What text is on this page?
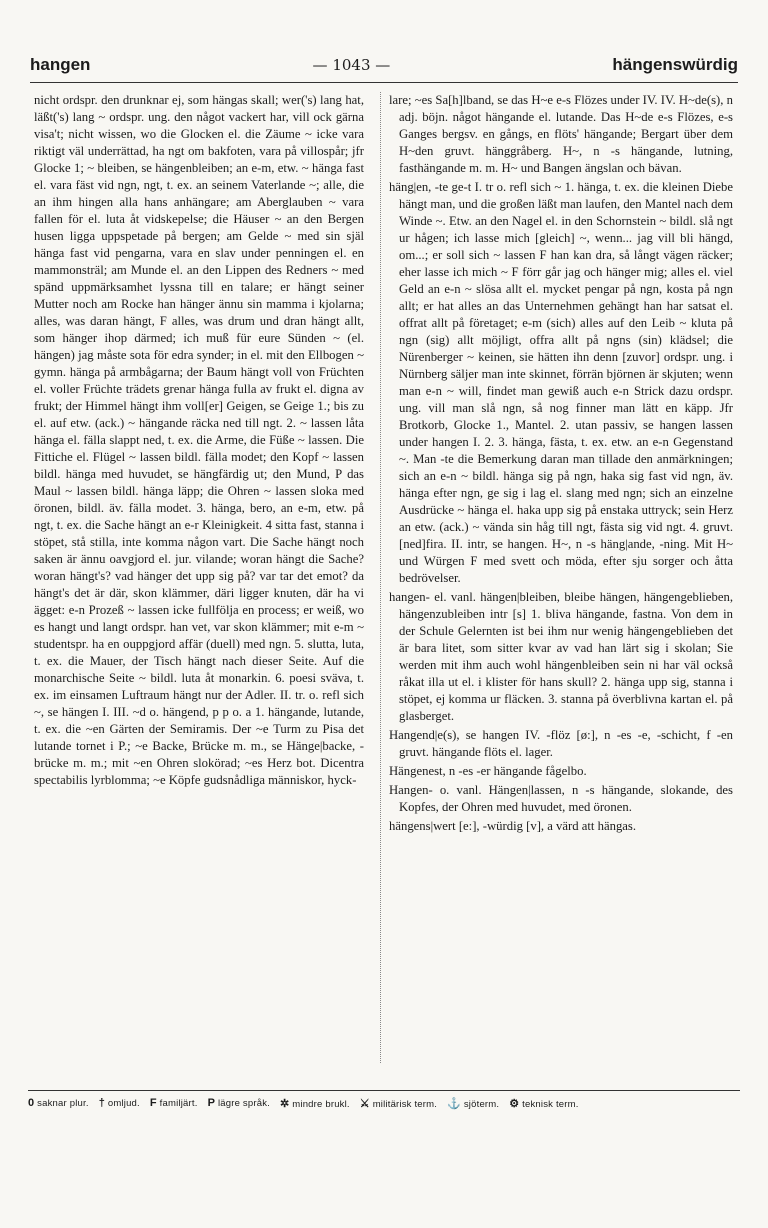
hangen	— 1043 —	hängenswürdig

nicht ordspr. den drunknar ej, som hängas skall; wer('s) lang hat, läßt('s) lang ~ ordspr. ung. den något vackert har, vill ock gärna visa't; nicht wissen, wo die Glocken el. die Zäume ~ icke vara riktigt väl underrättad, ha ngt om bakfoten, vara på villospår; jfr Glocke 1; ~ bleiben, se hängenbleiben; an e-m, etw. ~ hänga fast el. vara fäst vid ngn, ngt, t. ex. an seinem Vaterlande ~; alle, die an ihm hingen alla hans anhängare; am Aberglauben ~ vara fallen för el. luta åt vidskepelse; die Häuser ~ an den Bergen husen ligga uppspetade på bergen; am Gelde ~ med sin själ hänga fast vid pengarna, vara en slav under penningen el. en mammonsträl; am Munde el. an den Lippen des Redners ~ med spänd uppmärksamhet lyssna till en talare; er hängt seiner Mutter noch am Rocke han hänger ännu sin mamma i kjolarna; alles, was daran hängt, F alles, was drum und dran hängt allt, som hänger ihop därmed; ich muß für eure Sünden ~ (el. hängen) jag måste sota för edra synder; in el. mit den Ellbogen ~ gymn. hänga på armbågarna; der Baum hängt voll von Früchten el. voller Früchte trädets grenar hänga fulla av frukt el. digna av frukt; der Himmel hängt ihm voll[er] Geigen, se Geige 1.; bis zu el. auf etw. (ack.) ~ hängande räcka ned till ngt. 2. ~ lassen låta hänga el. fälla slappt ned, t. ex. die Arme, die Füße ~ lassen. Die Fittiche el. Flügel ~ lassen bildl. fälla modet; den Kopf ~ lassen bildl. hänga med huvudet, se hängfärdig ut; den Mund, P das Maul ~ lassen bildl. hänga läpp; die Ohren ~ lassen sloka med öronen, bildl. äv. fälla modet. 3. hänga, bero, an e-m, etw. på ngt, t. ex. die Sache hängt an e-r Kleinigkeit. 4 sitta fast, stanna i stöpet, stå stilla, inte komma någon vart. Die Sache hängt noch saken är ännu oavgjord el. jur. vilande; woran hängt die Sache? woran hängt's? vad hänger det upp sig på? var tar det emot? da hängt's det är där, skon klämmer, däri ligger knuten, där ha vi ägget: e-n Prozeß ~ lassen icke fullfölja en process; er weiß, wo es hangt und langt ordspr. han vet, var skon klämmer; mit e-m ~ studentspr. ha en ouppgjord affär (duell) med ngn. 5. slutta, luta, t. ex. die Mauer, der Tisch hängt nach dieser Seite. Auf die monarchische Seite ~ bildl. luta åt monarkin. 6. poesi sväva, t. ex. im einsamen Luftraum hängt nur der Adler. II. tr. o. refl sich ~, se hängen I. III. ~d o. hängend, p p o. a 1. hängande, lutande, t. ex. die ~en Gärten der Semiramis. Der ~e Turm zu Pisa det lutande tornet i P.; ~e Backe, Brücke m. m., se Hänge|backe, -brücke m. m.; mit ~en Ohren slokörad; ~es Herz bot. Dicentra spectabilis lyrblomma; ~e Köpfe gudsnådliga människor, hyck-

lare; ~es Sa[h]lband, se das H~e e-s Flözes under IV. IV. H~de(s), n adj. böjn. något hängande el. lutande. Das H~de e-s Flözes, e-s Ganges bergsv. en gångs, en flöts' hängande; Bergart über dem H~den gruvt. hänggråberg. H~, n -s hängande, lutning, fasthängande m. m. H~ und Bangen ängslan och bävan.

häng|en, -te ge-t I. tr o. refl sich ~ 1. hänga, t. ex. die kleinen Diebe hängt man, und die großen läßt man laufen, den Mantel nach dem Winde ~. Etw. an den Nagel el. in den Schornstein ~ bildl. slå ngt ur hågen; ich lasse mich [gleich] ~, wenn... jag vill bli hängd, om...; er soll sich ~ lassen F han kan dra, så långt vägen räcker; eher lasse ich mich ~ F förr går jag och hänger mig; alles el. viel Geld an e-n ~ slösa allt el. mycket pengar på ngn, kosta på ngn allt; er hat alles an das Unternehmen gehängt han har satsat el. offrat allt på företaget; e-m (sich) alles auf den Leib ~ kluta på ngn (sig) allt möjligt, offra allt på ngns (sin) klädsel; die Nürenberger ~ keinen, sie hätten ihn denn [zuvor] ordspr. ung. i Nürnberg säljer man inte skinnet, förrän björnen är skjuten; wenn man e-n ~ will, findet man gewiß auch e-n Strick dazu ordspr. ung. vill man slå ngn, så nog finner man lätt en käpp. Jfr Brotkorb, Glocke 1., Mantel. 2. utan passiv, se hangen lassen under hangen I. 2. 3. hänga, fästa, t. ex. etw. an e-n Gegenstand ~. Man -te die Bemerkung daran man tillade den anmärkningen; sich an e-n ~ bildl. hänga sig på ngn, haka sig fast vid ngn, äv. hänga efter ngn, ge sig i lag el. slang med ngn; sich an einzelne Ausdrücke ~ hänga el. haka upp sig på enstaka uttryck; sein Herz an etw. (ack.) ~ vända sin håg till ngt, fästa sig vid ngt. 4. gruvt. [ned]fira. II. intr, se hangen. H~, n -s häng|ande, -ning. Mit H~ und Würgen F med svett och möda, efter sju sorger och åtta bedrövelser.

hangen- el. vanl. hängen|bleiben, bleibe hängen, hängengeblieben, hängenzubleiben intr [s] 1. bliva hängande, fastna. Von dem in der Schule Gelernten ist bei ihm nur wenig hängengeblieben det är bara litet, som sitter kvar av vad han lärt sig i skolan; Sie werden mit ihm auch wohl hängenbleiben sein ni har väl också råkat illa ut el. i klister för hans skull? 2. hänga upp sig, stanna i stöpet, ej komma ur fläcken. 3. stanna på överblivna kartan el. på glasberget.

Hangend|e(s), se hangen IV. -flöz [ø:], n -es -e, -schicht, f -en gruvt. hängande flöts el. lager.

Hängenest, n -es -er hängande fågelbo.

Hangen- o. vanl. Hängen|lassen, n -s hängande, slokande, des Kopfes, der Ohren med huvudet, med öronen.

hängens|wert [e:], -würdig [v], a värd att hängas.

0 saknar plur. † omljud. F familjärt. P lägre språk. ✲ mindre brukl. ⚔ militärisk term. ⚓ sjöterm. ⚙ teknisk term.
